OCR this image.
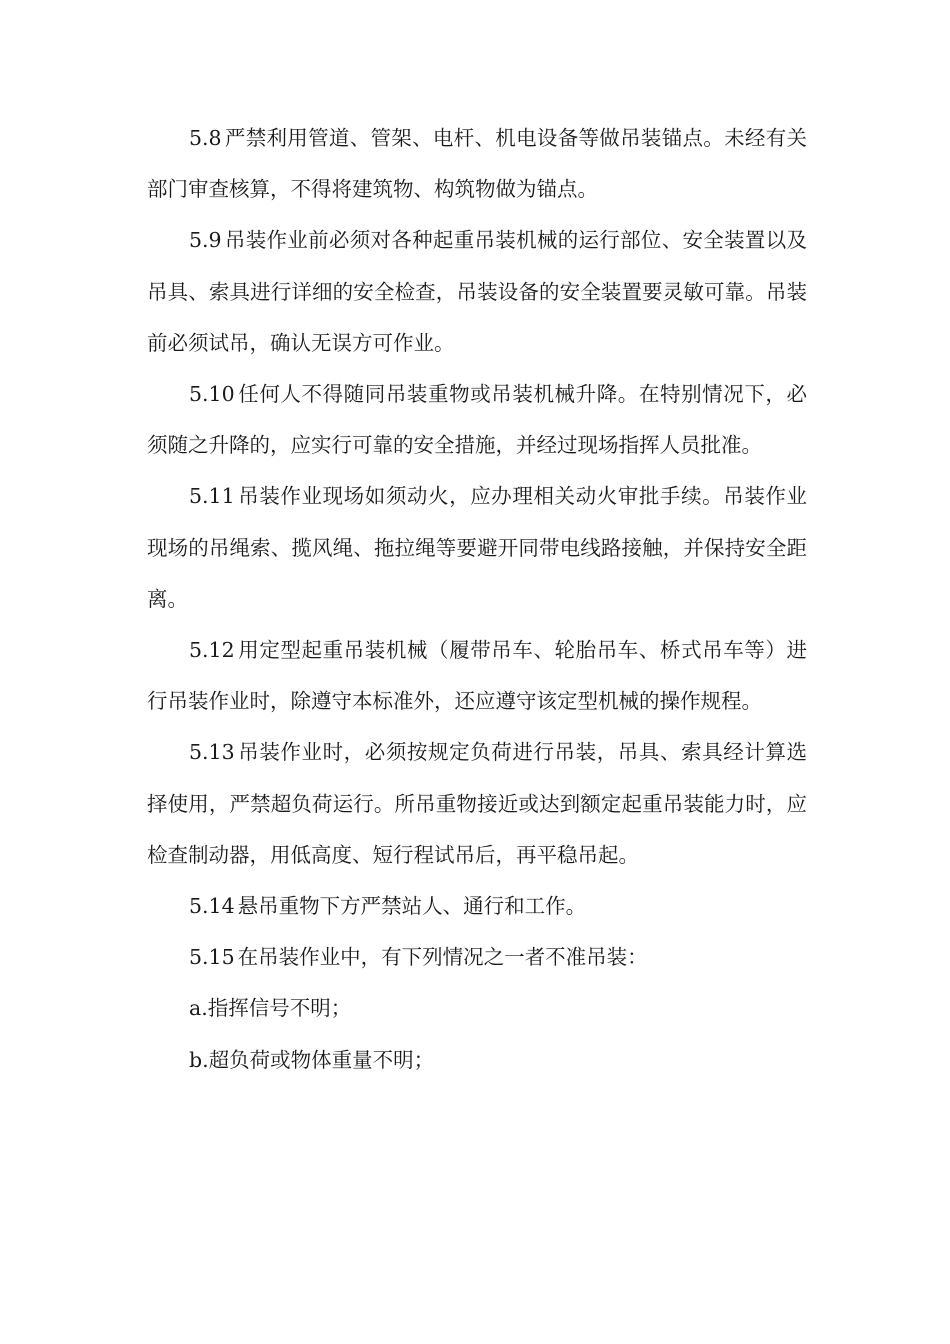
5.8 严禁利用管道、管架、电杆、机电设备等做吊装锚点。未经有关部门审查核算，不得将建筑物、构筑物做为锚点。

5.9 吊装作业前必须对各种起重吊装机械的运行部位、安全装置以及吊具、索具进行详细的安全检查，吊装设备的安全装置要灵敏可靠。吊装前必须试吊，确认无误方可作业。

5.10 任何人不得随同吊装重物或吊装机械升降。在特别情况下，必须随之升降的，应实行可靠的安全措施，并经过现场指挥人员批准。

5.11 吊装作业现场如须动火，应办理相关动火审批手续。吊装作业现场的吊绳索、揽风绳、拖拉绳等要避开同带电线路接触，并保持安全距离。

5.12 用定型起重吊装机械（履带吊车、轮胎吊车、桥式吊车等）进行吊装作业时，除遵守本标准外，还应遵守该定型机械的操作规程。

5.13 吊装作业时，必须按规定负荷进行吊装，吊具、索具经计算选择使用，严禁超负荷运行。所吊重物接近或达到额定起重吊装能力时，应检查制动器，用低高度、短行程试吊后，再平稳吊起。

5.14 悬吊重物下方严禁站人、通行和工作。

5.15 在吊装作业中，有下列情况之一者不准吊装：

a.指挥信号不明；

b.超负荷或物体重量不明；
